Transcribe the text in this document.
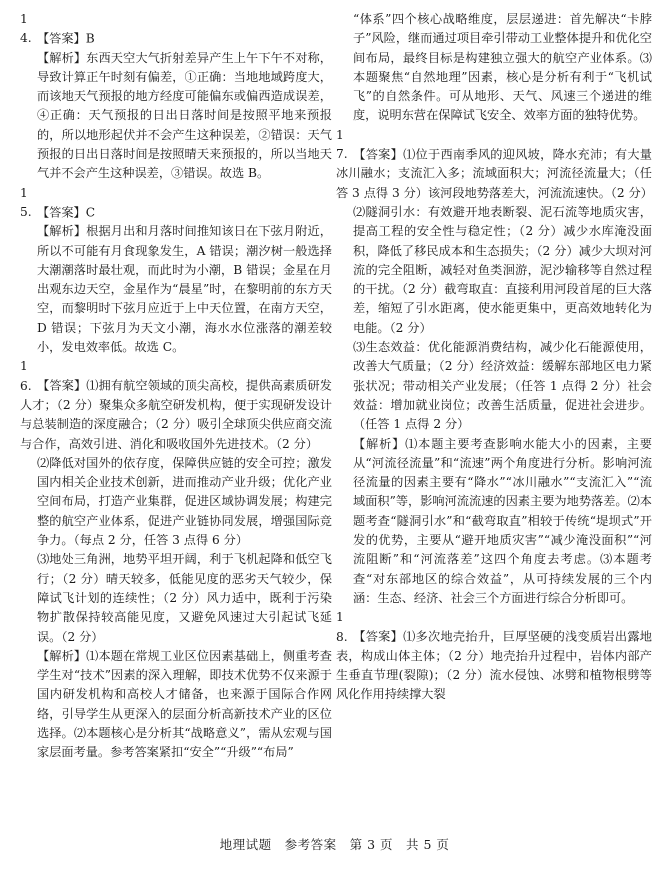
14. 【答案】B

【解析】东西天空大气折射差异产生上午下午不对称，导致计算正午时刻有偏差，①正确：当地地域跨度大，而该地天气预报的地方经度可能偏东或偏西造成误差，④正确：天气预报的日出日落时间是按照平地来预报的，所以地形起伏并不会产生这种误差，②错误：天气预报的日出日落时间是按照晴天来预报的，所以当地天气并不会产生这种误差，③错误。故选 B。

15. 【答案】C

【解析】根据月出和月落时间推知该日在下弦月附近，所以不可能有月食现象发生，A 错误；潮汐树一般选择大潮潮落时最壮观，而此时为小潮，B 错误；金星在月出观东边天空，金星作为“晨星”时，在黎明前的东方天空，而黎明时下弦月应近于上中天位置，在南方天空，D 错误；下弦月为天文小潮，海水水位涨落的潮差较小，发电效率低。故选 C。

16. 【答案】⑴拥有航空领域的顶尖高校，提供高素质研发人才；（2 分）聚集众多航空研发机构，便于实现研发设计与总装制造的深度融合；（2 分）吸引全球顶尖供应商交流与合作，高效引进、消化和吸收国外先进技术。（2 分）

⑵降低对国外的依存度，保障供应链的安全可控；激发国内相关企业技术创新，进而推动产业升级；优化产业空间布局，打造产业集群，促进区域协调发展；构建完整的航空产业体系，促进产业链协同发展，增强国际竞争力。（每点 2 分，任答 3 点得 6 分）

⑶地处三角洲，地势平坦开阔，利于飞机起降和低空飞行；（2 分）晴天较多，低能见度的恶劣天气较少，保障试飞计划的连续性；（2 分）风力适中，既利于污染物扩散保持较高能见度，又避免风速过大引起试飞延误。（2 分）

【解析】⑴本题在常规工业区位因素基础上，侧重考查学生对“技术”因素的深入理解，即技术优势不仅来源于国内研发机构和高校人才储备，也来源于国际合作网络，引导学生从更深入的层面分析高新技术产业的区位选择。⑵本题核心是分析其“战略意义”，需从宏观与国家层面考量。参考答案紧扣“安全”“升级”“布局”

“体系”四个核心战略维度，层层递进：首先解决“卡脖子”风险，继而通过项目牵引带动工业整体提升和优化空间布局，最终目标是构建独立强大的航空产业体系。⑶本题聚焦“自然地理”因素，核心是分析有利于“飞机试飞”的自然条件。可从地形、天气、风速三个递进的维度，说明东营在保障试飞安全、效率方面的独特优势。

17. 【答案】⑴位于西南季风的迎风坡，降水充沛；有大量冰川融水；支流汇入多；流域面积大；河流径流量大；（任答 3 点得 3 分）该河段地势落差大，河流流速快。（2 分）

⑵隧洞引水：有效避开地表断裂、泥石流等地质灾害，提高工程的安全性与稳定性；（2 分）减少水库淹没面积，降低了移民成本和生态损失；（2 分）减少大坝对河流的完全阻断，减轻对鱼类洄游，泥沙输移等自然过程的干扰。（2 分）截弯取直：直接利用河段首尾的巨大落差，缩短了引水距离，使水能更集中，更高效地转化为电能。（2 分）

⑶生态效益：优化能源消费结构，减少化石能源使用，改善大气质量；（2 分）经济效益：缓解东部地区电力紧张状况；带动相关产业发展；（任答 1 点得 2 分）社会效益：增加就业岗位；改善生活质量，促进社会进步。（任答 1 点得 2 分）

【解析】⑴本题主要考查影响水能大小的因素，主要从“河流径流量”和“流速”两个角度进行分析。影响河流径流量的因素主要有“降水”“冰川融水”“支流汇入”“流域面积”等，影响河流流速的因素主要为地势落差。⑵本题考查“隧洞引水”和“截弯取直”相较于传统“堤坝式”开发的优势，主要从“避开地质灾害”“减少淹没面积”“河流阻断”和“河流落差”这四个角度去考虑。⑶本题考查“对东部地区的综合效益”，从可持续发展的三个内涵：生态、经济、社会三个方面进行综合分析即可。

18. 【答案】⑴多次地壳抬升，巨厚坚硬的浅变质岩出露地表，构成山体主体；（2 分）地壳抬升过程中，岩体内部产生垂直节理(裂隙)；（2 分）流水侵蚀、冰劈和植物根劈等风化作用持续撑大裂

地理试题　参考答案　第 3 页　共 5 页
